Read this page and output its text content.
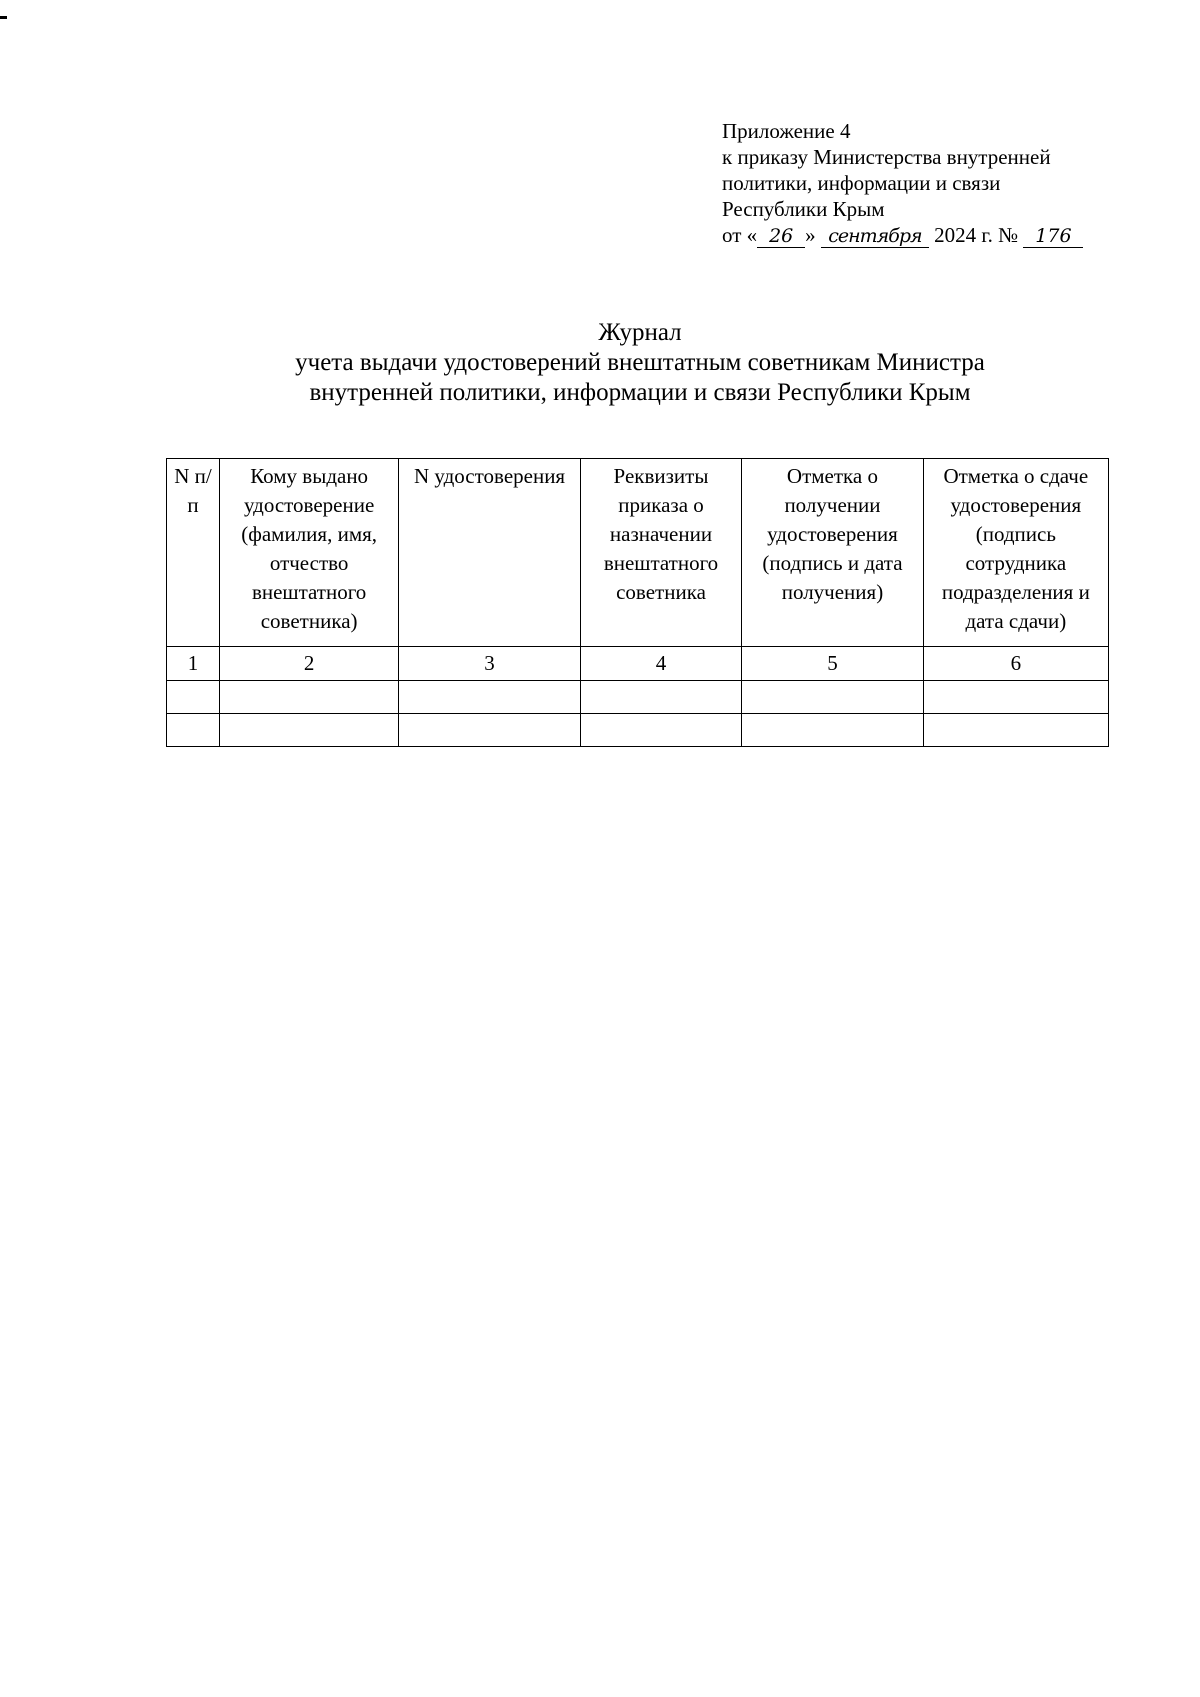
Приложение 4
к приказу Министерства внутренней
политики, информации и связи
Республики Крым
от « 26 » сентября 2024 г. № 176
Журнал
учета выдачи удостоверений внештатным советникам Министра
внутренней политики, информации и связи Республики Крым
N п/п	Кому выдано удостоверение (фамилия, имя, отчество внештатного советника)	N удостоверения	Реквизиты приказа о назначении внештатного советника	Отметка о получении удостоверения (подпись и дата получения)	Отметка о сдаче удостоверения (подпись сотрудника подразделения и дата сдачи)
1	2	3	4	5	6
